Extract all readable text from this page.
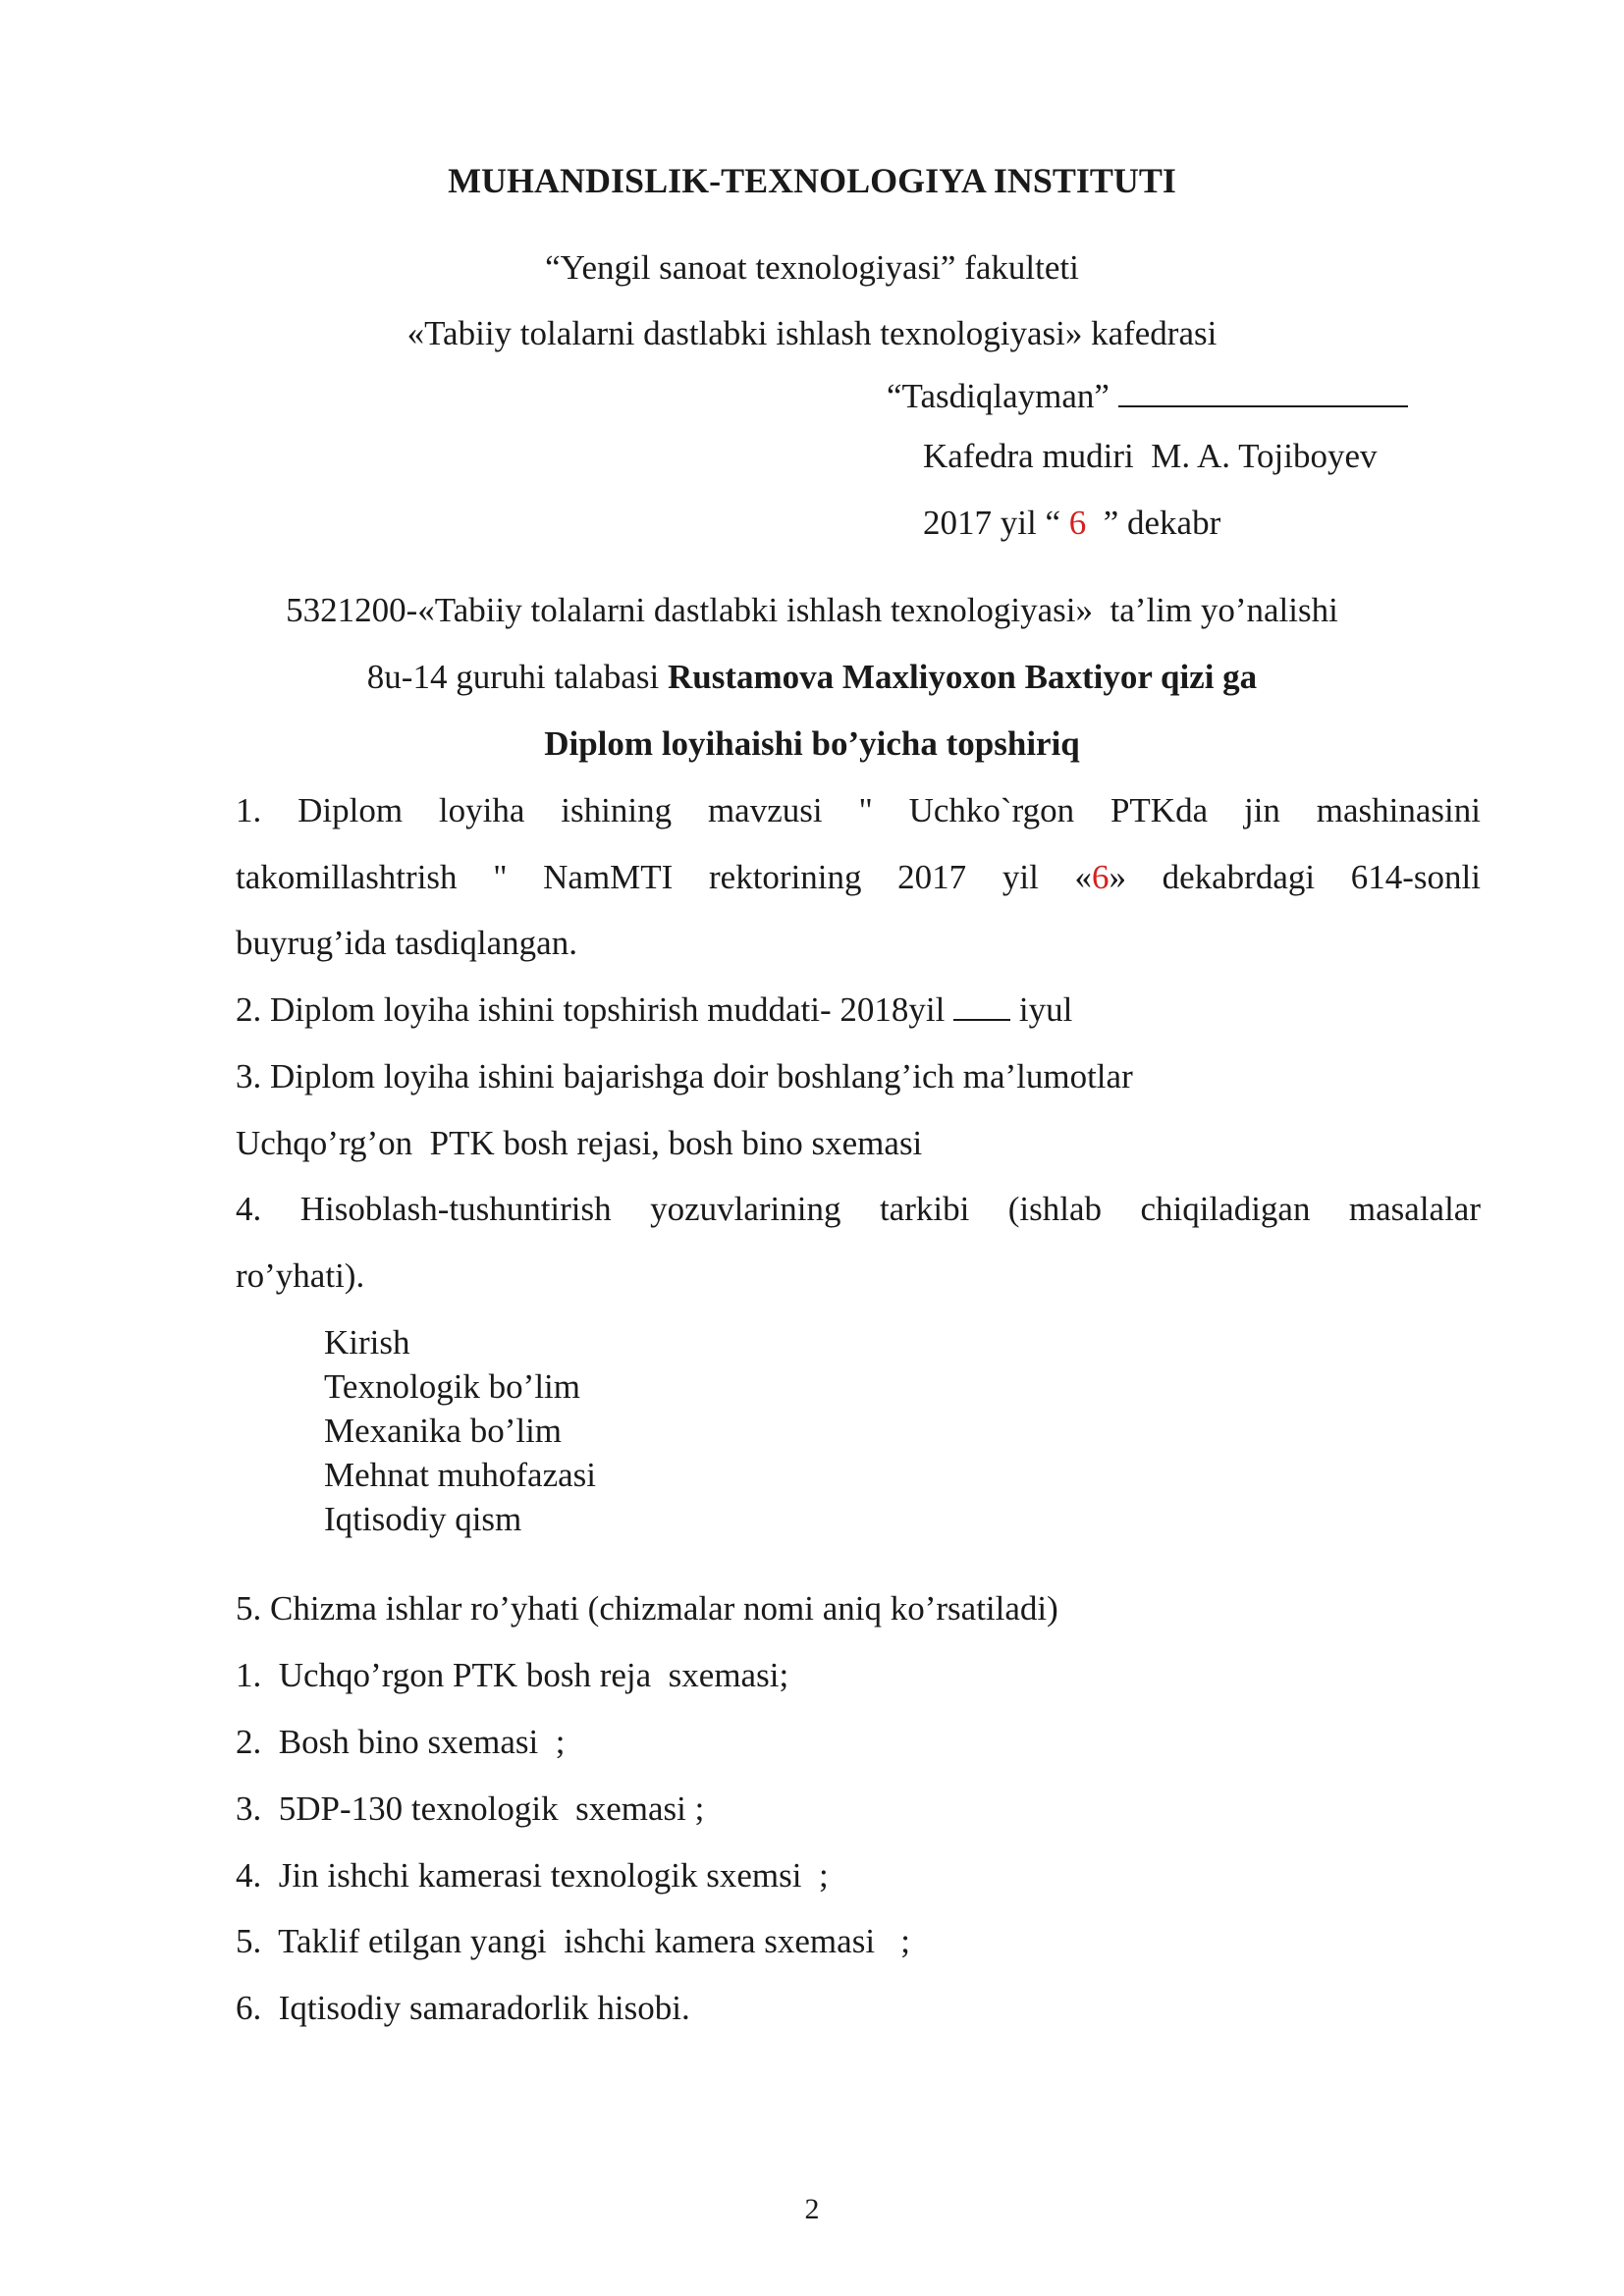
MUHANDISLIK-TEXNOLOGIYA INSTITUTI
“Yengil sanoat texnologiyasi” fakulteti
«Tabiiy tolalarni dastlabki ishlash texnologiyasi» kafedrasi
“Tasdiqlayman”
Kafedra mudiri M. A. Tojiboyev
2017 yil “ 6 ” dekabr
5321200-«Tabiiy tolalarni dastlabki ishlash texnologiyasi»  ta’lim yo’nalishi
8u-14 guruhi talabasi Rustamova Maxliyoxon Baxtiyor qizi ga
Diplom loyihaishi bo’yicha topshiriq
1. Diplom loyiha ishining mavzusi " Uchko`rgon PTKda jin mashinasini
takomillashtrish " NamMTI rektorining 2017 yil «6» dekabrdagi 614-sonli
buyrug’ida tasdiqlangan.
2. Diplom loyiha ishini topshirish muddati- 2018yil iyul
3. Diplom loyiha ishini bajarishga doir boshlang’ich ma’lumotlar
Uchqo’rg’on  PTK bosh rejasi, bosh bino sxemasi
4. Hisoblash-tushuntirish yozuvlarining tarkibi (ishlab chiqiladigan masalalar
ro’yhati).
Kirish
Texnologik bo’lim
Mexanika bo’lim
Mehnat muhofazasi
Iqtisodiy qism
5. Chizma ishlar ro’yhati (chizmalar nomi aniq ko’rsatiladi)
1.  Uchqo’rgon PTK bosh reja  sxemasi;
2.  Bosh bino sxemasi  ;
3.  5DP-130 texnologik  sxemasi ;
4.  Jin ishchi kamerasi texnologik sxemsi  ;
5.  Taklif etilgan yangi  ishchi kamera sxemasi   ;
6.  Iqtisodiy samaradorlik hisobi.
2
